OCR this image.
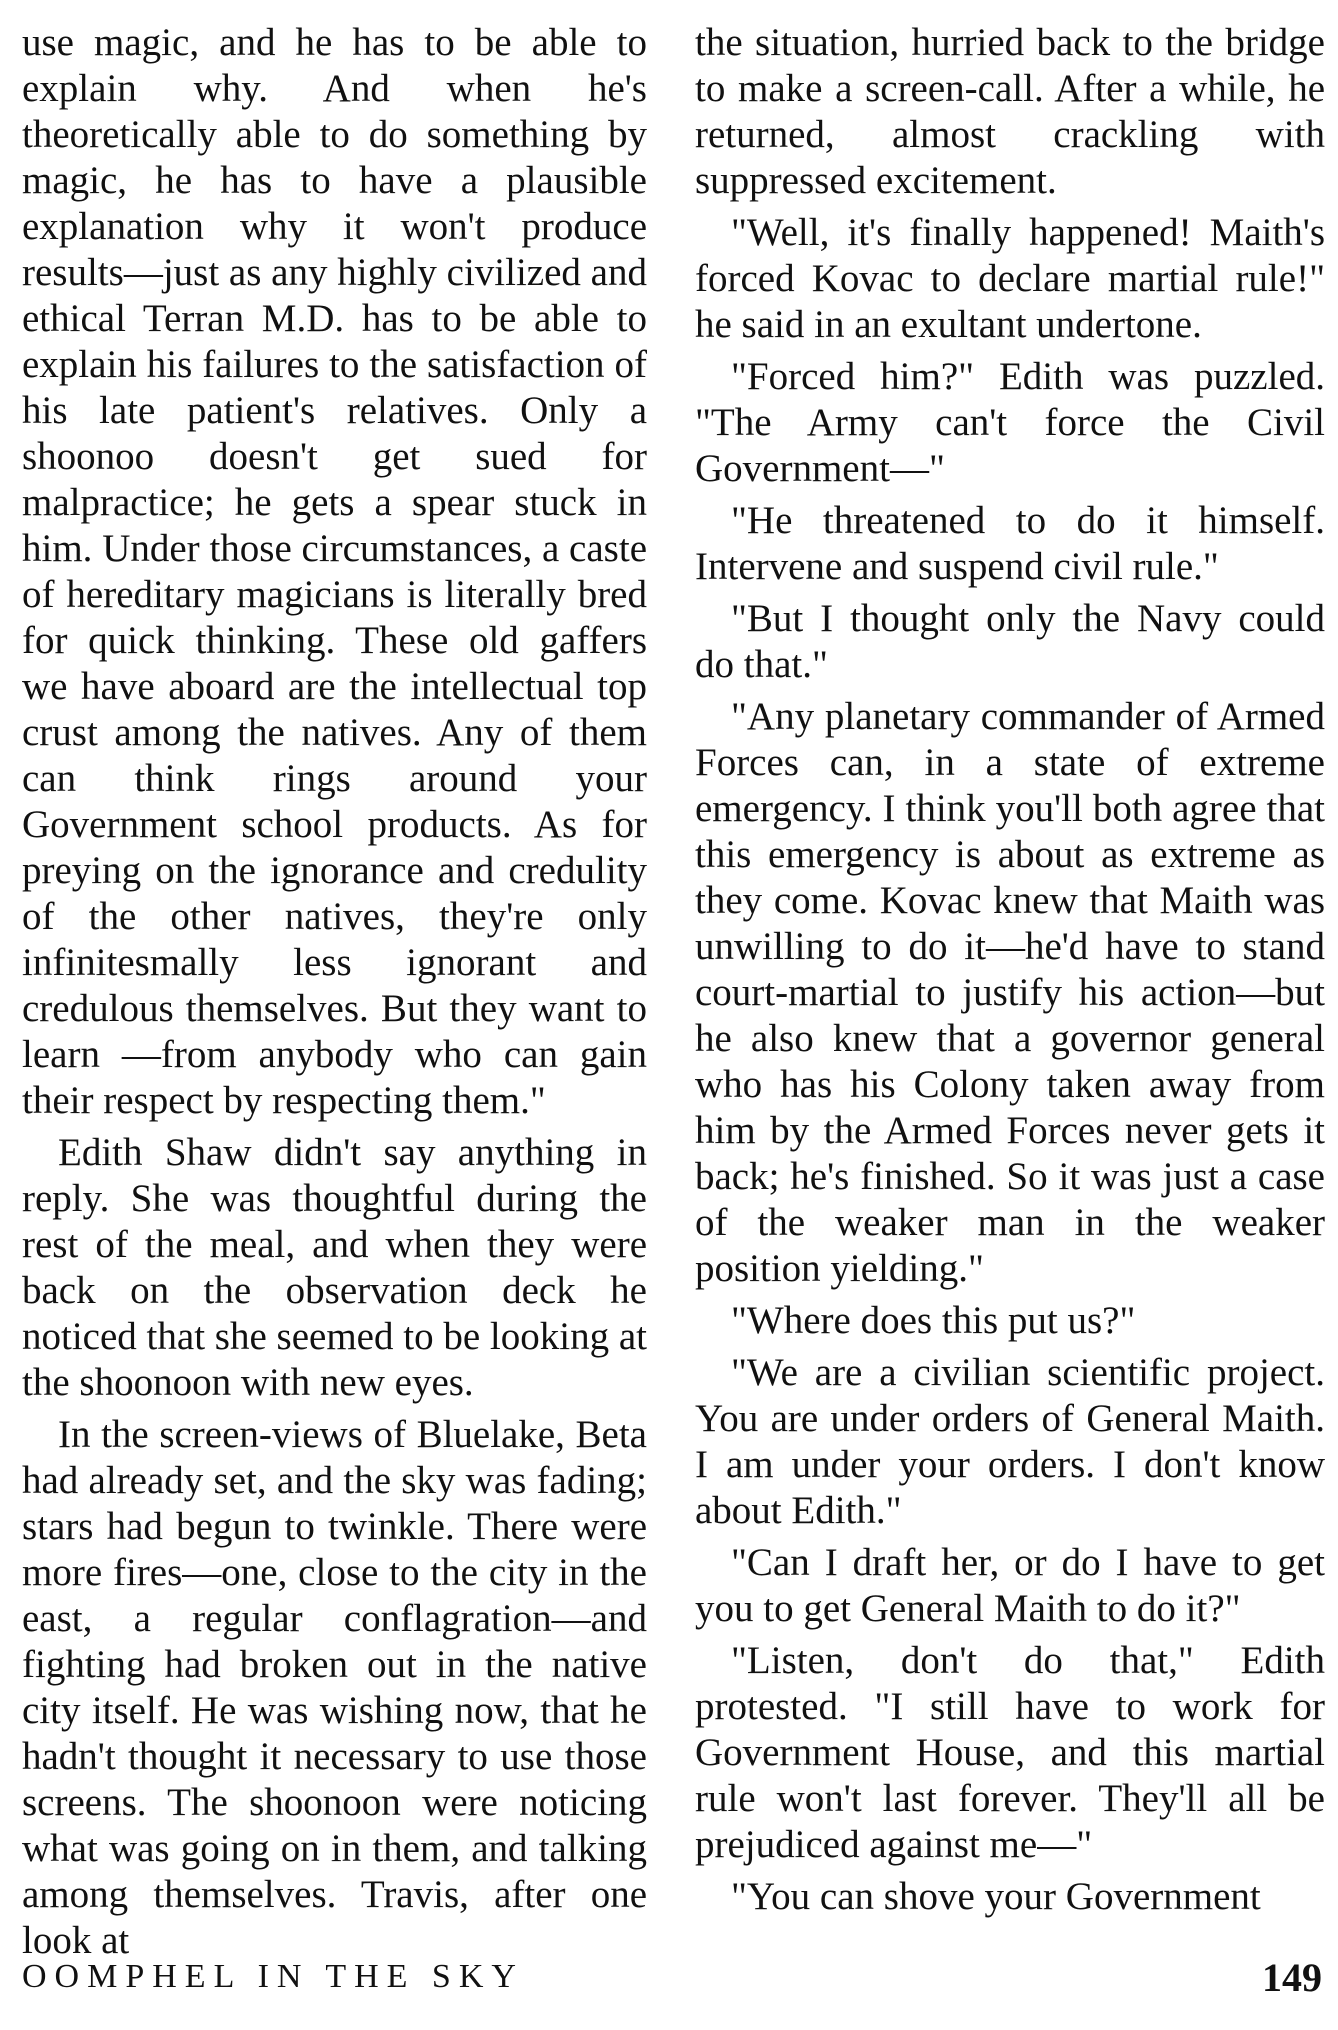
use magic, and he has to be able to explain why. And when he's theoretically able to do something by magic, he has to have a plausible explanation why it won't produce results—just as any highly civilized and ethical Terran M.D. has to be able to explain his failures to the satisfaction of his late patient's relatives. Only a shoonoo doesn't get sued for malpractice; he gets a spear stuck in him. Under those circumstances, a caste of hereditary magicians is literally bred for quick thinking. These old gaffers we have aboard are the intellectual top crust among the natives. Any of them can think rings around your Government school products. As for preying on the ignorance and credulity of the other natives, they're only infinitesmally less ignorant and credulous themselves. But they want to learn —from anybody who can gain their respect by respecting them."

Edith Shaw didn't say anything in reply. She was thoughtful during the rest of the meal, and when they were back on the observation deck he noticed that she seemed to be looking at the shoonoon with new eyes.

In the screen-views of Bluelake, Beta had already set, and the sky was fading; stars had begun to twinkle. There were more fires—one, close to the city in the east, a regular conflagration—and fighting had broken out in the native city itself. He was wishing now, that he hadn't thought it necessary to use those screens. The shoonoon were noticing what was going on in them, and talking among themselves. Travis, after one look at

the situation, hurried back to the bridge to make a screen-call. After a while, he returned, almost crackling with suppressed excitement.

"Well, it's finally happened! Maith's forced Kovac to declare martial rule!" he said in an exultant undertone.

"Forced him?" Edith was puzzled. "The Army can't force the Civil Government—"

"He threatened to do it himself. Intervene and suspend civil rule."

"But I thought only the Navy could do that."

"Any planetary commander of Armed Forces can, in a state of extreme emergency. I think you'll both agree that this emergency is about as extreme as they come. Kovac knew that Maith was unwilling to do it—he'd have to stand court-martial to justify his action—but he also knew that a governor general who has his Colony taken away from him by the Armed Forces never gets it back; he's finished. So it was just a case of the weaker man in the weaker position yielding."

"Where does this put us?"

"We are a civilian scientific project. You are under orders of General Maith. I am under your orders. I don't know about Edith."

"Can I draft her, or do I have to get you to get General Maith to do it?"

"Listen, don't do that," Edith protested. "I still have to work for Government House, and this martial rule won't last forever. They'll all be prejudiced against me—"

"You can shove your Government

OOMPHEL IN THE SKY	149
